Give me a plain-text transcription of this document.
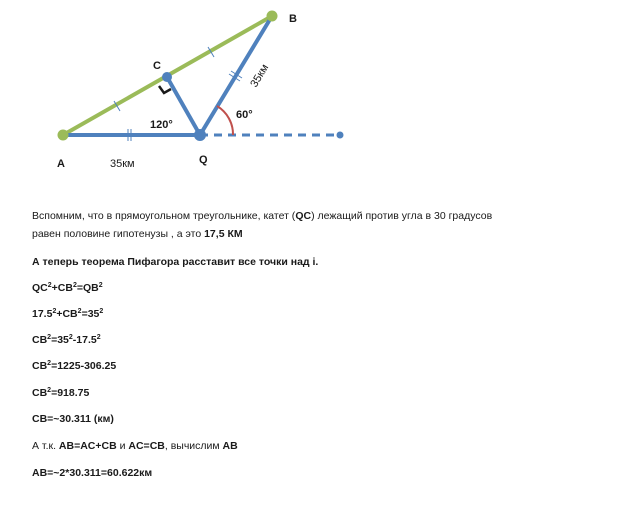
A
B
C
Q
120°
60°
35км
35км
Вспомним, что в прямоугольном треугольнике, катет (QC) лежащий против угла в 30 градусов
равен половине гипотенузы , а это 17,5 КМ
А теперь теорема Пифагора расставит все точки над i.
$QC^2+CB^2=QB^2$
$17.5^2+CB^2=35^2$
$CB^2=35^2-17.5^2$
$CB^2=1225-306.25$
$CB^2=918.75$
CB=~30.311 (км)
А т.к. AB=AC+CB и AC=CB, вычислим AB
AB=~2*30.311=60.622км
